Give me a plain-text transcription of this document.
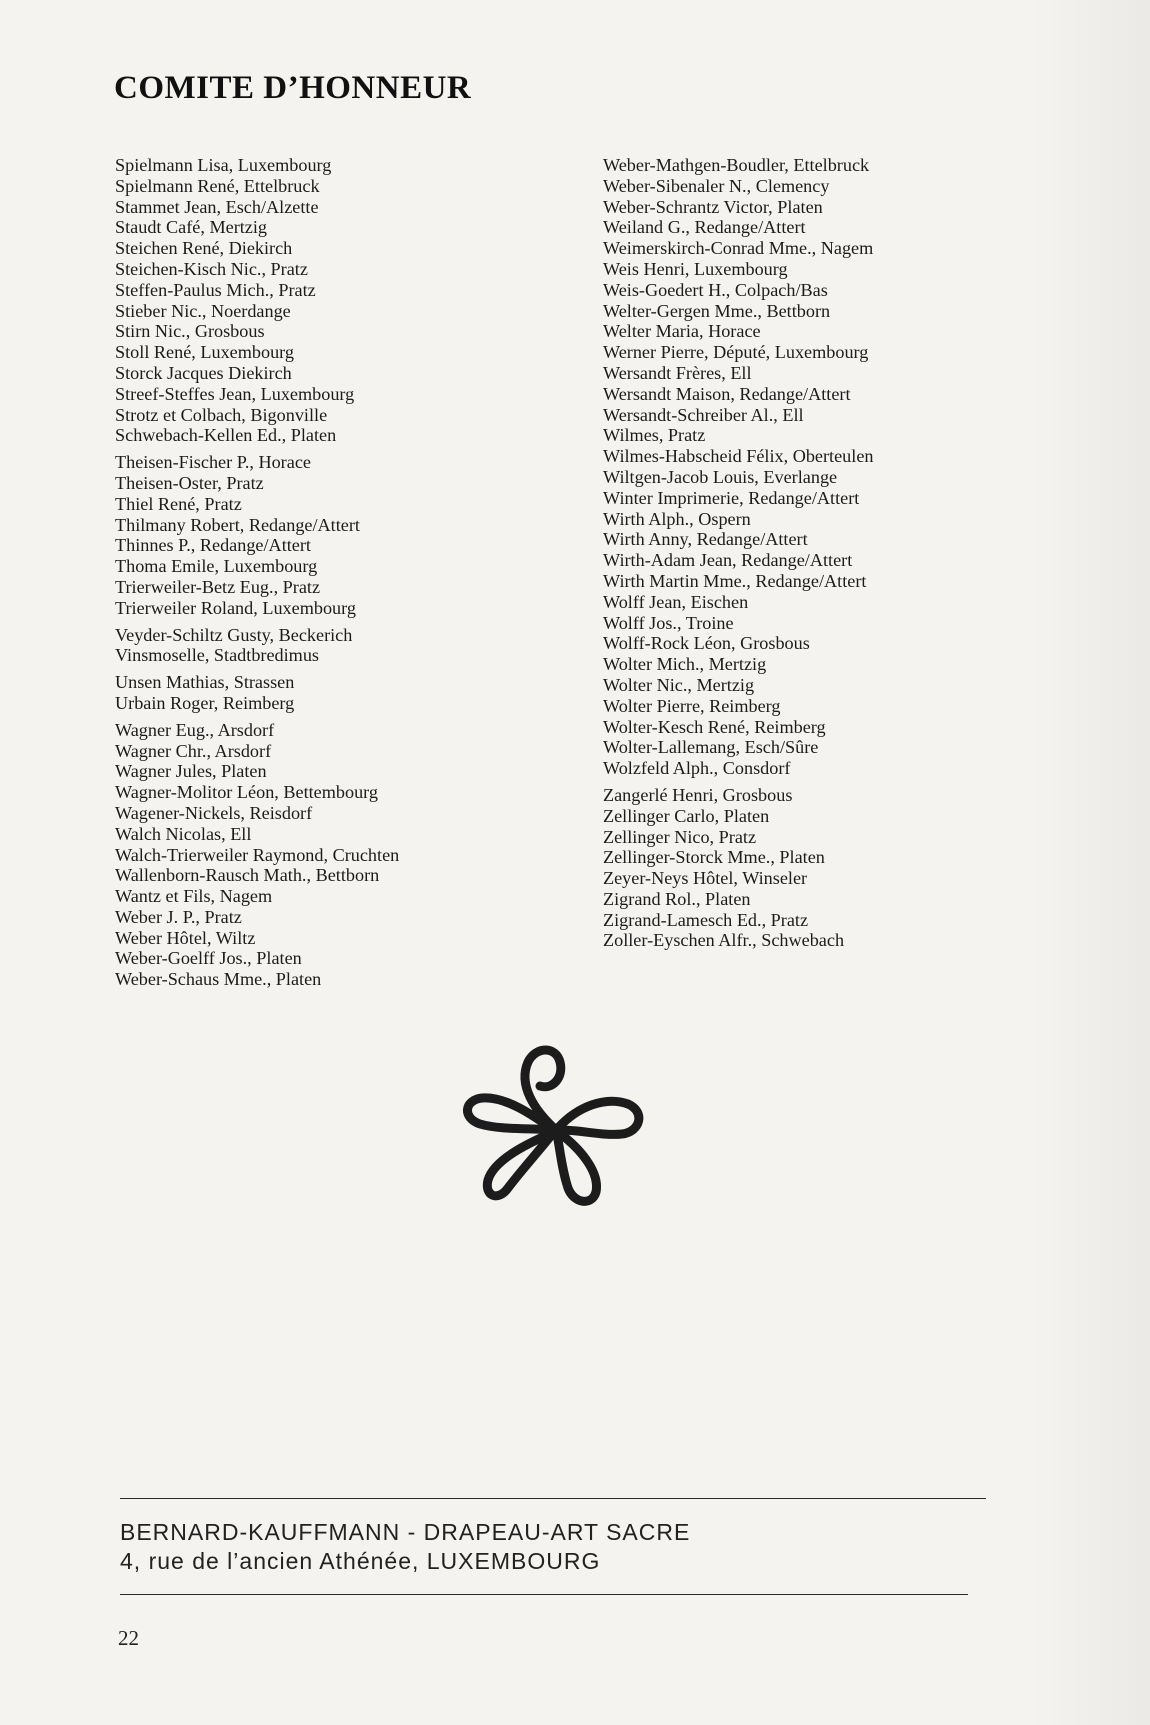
COMITE D’HONNEUR
Spielmann Lisa, Luxembourg
Spielmann René, Ettelbruck
Stammet Jean, Esch/Alzette
Staudt Café, Mertzig
Steichen René, Diekirch
Steichen-Kisch Nic., Pratz
Steffen-Paulus Mich., Pratz
Stieber Nic., Noerdange
Stirn Nic., Grosbous
Stoll René, Luxembourg
Storck Jacques Diekirch
Streef-Steffes Jean, Luxembourg
Strotz et Colbach, Bigonville
Schwebach-Kellen Ed., Platen
Theisen-Fischer P., Horace
Theisen-Oster, Pratz
Thiel René, Pratz
Thilmany Robert, Redange/Attert
Thinnes P., Redange/Attert
Thoma Emile, Luxembourg
Trierweiler-Betz Eug., Pratz
Trierweiler Roland, Luxembourg
Veyder-Schiltz Gusty, Beckerich
Vinsmoselle, Stadtbredimus
Unsen Mathias, Strassen
Urbain Roger, Reimberg
Wagner Eug., Arsdorf
Wagner Chr., Arsdorf
Wagner Jules, Platen
Wagner-Molitor Léon, Bettembourg
Wagener-Nickels, Reisdorf
Walch Nicolas, Ell
Walch-Trierweiler Raymond, Cruchten
Wallenborn-Rausch Math., Bettborn
Wantz et Fils, Nagem
Weber J. P., Pratz
Weber Hôtel, Wiltz
Weber-Goelff Jos., Platen
Weber-Schaus Mme., Platen
Weber-Mathgen-Boudler, Ettelbruck
Weber-Sibenaler N., Clemency
Weber-Schrantz Victor, Platen
Weiland G., Redange/Attert
Weimerskirch-Conrad Mme., Nagem
Weis Henri, Luxembourg
Weis-Goedert H., Colpach/Bas
Welter-Gergen Mme., Bettborn
Welter Maria, Horace
Werner Pierre, Député, Luxembourg
Wersandt Frères, Ell
Wersandt Maison, Redange/Attert
Wersandt-Schreiber Al., Ell
Wilmes, Pratz
Wilmes-Habscheid Félix, Oberteulen
Wiltgen-Jacob Louis, Everlange
Winter Imprimerie, Redange/Attert
Wirth Alph., Ospern
Wirth Anny, Redange/Attert
Wirth-Adam Jean, Redange/Attert
Wirth Martin Mme., Redange/Attert
Wolff Jean, Eischen
Wolff Jos., Troine
Wolff-Rock Léon, Grosbous
Wolter Mich., Mertzig
Wolter Nic., Mertzig
Wolter Pierre, Reimberg
Wolter-Kesch René, Reimberg
Wolter-Lallemang, Esch/Sûre
Wolzfeld Alph., Consdorf
Zangerlé Henri, Grosbous
Zellinger Carlo, Platen
Zellinger Nico, Pratz
Zellinger-Storck Mme., Platen
Zeyer-Neys Hôtel, Winseler
Zigrand Rol., Platen
Zigrand-Lamesch Ed., Pratz
Zoller-Eyschen Alfr., Schwebach
BERNARD-KAUFFMANN - DRAPEAU-ART SACRE
4, rue de l’ancien Athénée, LUXEMBOURG
22
